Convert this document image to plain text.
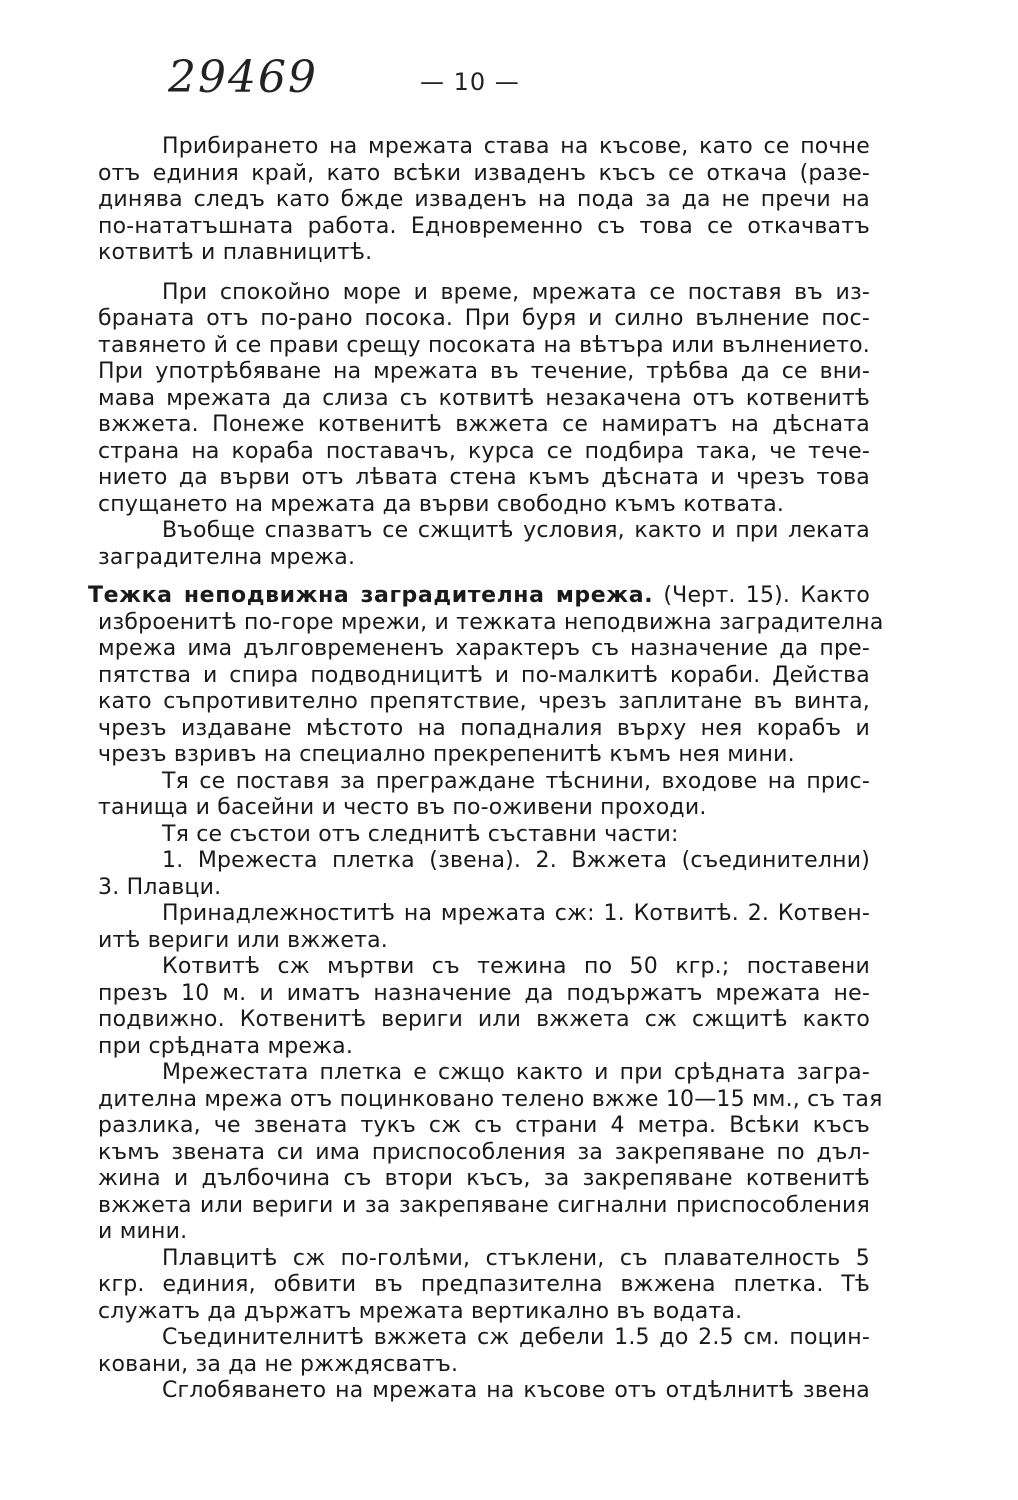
29469	— 10 —
Прибирането на мрежата става на късове, като се почне
отъ единия край, като всѣки изваденъ късъ се откача (разе-
динява следъ като бжде изваденъ на пода за да не пречи на
по-нататъшната работа. Едновременно съ това се откачватъ
котвитѣ и плавницитѣ.
При спокойно море и време, мрежата се поставя въ из-
браната отъ по-рано посока. При буря и силно вълнение пос-
тавянето й се прави срещу посоката на вѣтъра или вълнението.
При употрѣбяване на мрежата въ течение, трѣбва да се вни-
мава мрежата да слиза съ котвитѣ незакачена отъ котвенитѣ
вжжета. Понеже котвенитѣ вжжета се намиратъ на дѣсната
страна на кораба поставачъ, курса се подбира така, че тече-
нието да върви отъ лѣвата стена къмъ дѣсната и чрезъ това
спущането на мрежата да върви свободно къмъ котвата.
Въобще спазватъ се сжщитѣ условия, както и при леката
заградителна мрежа.
Тежка неподвижна заградителна мрежа. (Черт. 15). Както
изброенитѣ по-горе мрежи, и тежката неподвижна заградителна
мрежа има дълговремененъ характеръ съ назначение да пре-
пятства и спира подводницитѣ и по-малкитѣ кораби. Действа
като съпротивително препятствие, чрезъ заплитане въ винта,
чрезъ издаване мѣстото на попадналия върху нея корабъ и
чрезъ взривъ на специално прекрепенитѣ къмъ нея мини.
Тя се поставя за преграждане тѣснини, входове на прис-
танища и басейни и често въ по-оживени проходи.
Тя се състои отъ следнитѣ съставни части:
1. Мрежеста плетка (звена). 2. Вжжета (съединителни)
3. Плавци.
Принадлежноститѣ на мрежата сж: 1. Котвитѣ. 2. Котвен-
итѣ вериги или вжжета.
Котвитѣ сж мъртви съ тежина по 50 кгр.; поставени
презъ 10 м. и иматъ назначение да подържатъ мрежата не-
подвижно. Котвенитѣ вериги или вжжета сж сжщитѣ както
при срѣдната мрежа.
Мрежестата плетка е сжщо както и при срѣдната загра-
дителна мрежа отъ поцинковано телено вжже 10—15 мм., съ тая
разлика, че звената тукъ сж съ страни 4 метра. Всѣки късъ
къмъ звената си има приспособления за закрепяване по дъл-
жина и дълбочина съ втори късъ, за закрепяване котвенитѣ
вжжета или вериги и за закрепяване сигнални приспособления
и мини.
Плавцитѣ сж по-голѣми, стъклени, съ плавателность 5
кгр. единия, обвити въ предпазителна вжжена плетка. Тѣ
служатъ да държатъ мрежата вертикално въ водата.
Съединителнитѣ вжжета сж дебели 1.5 до 2.5 см. поцин-
ковани, за да не ржждясватъ.
Сглобяването на мрежата на късове отъ отдѣлнитѣ звена
